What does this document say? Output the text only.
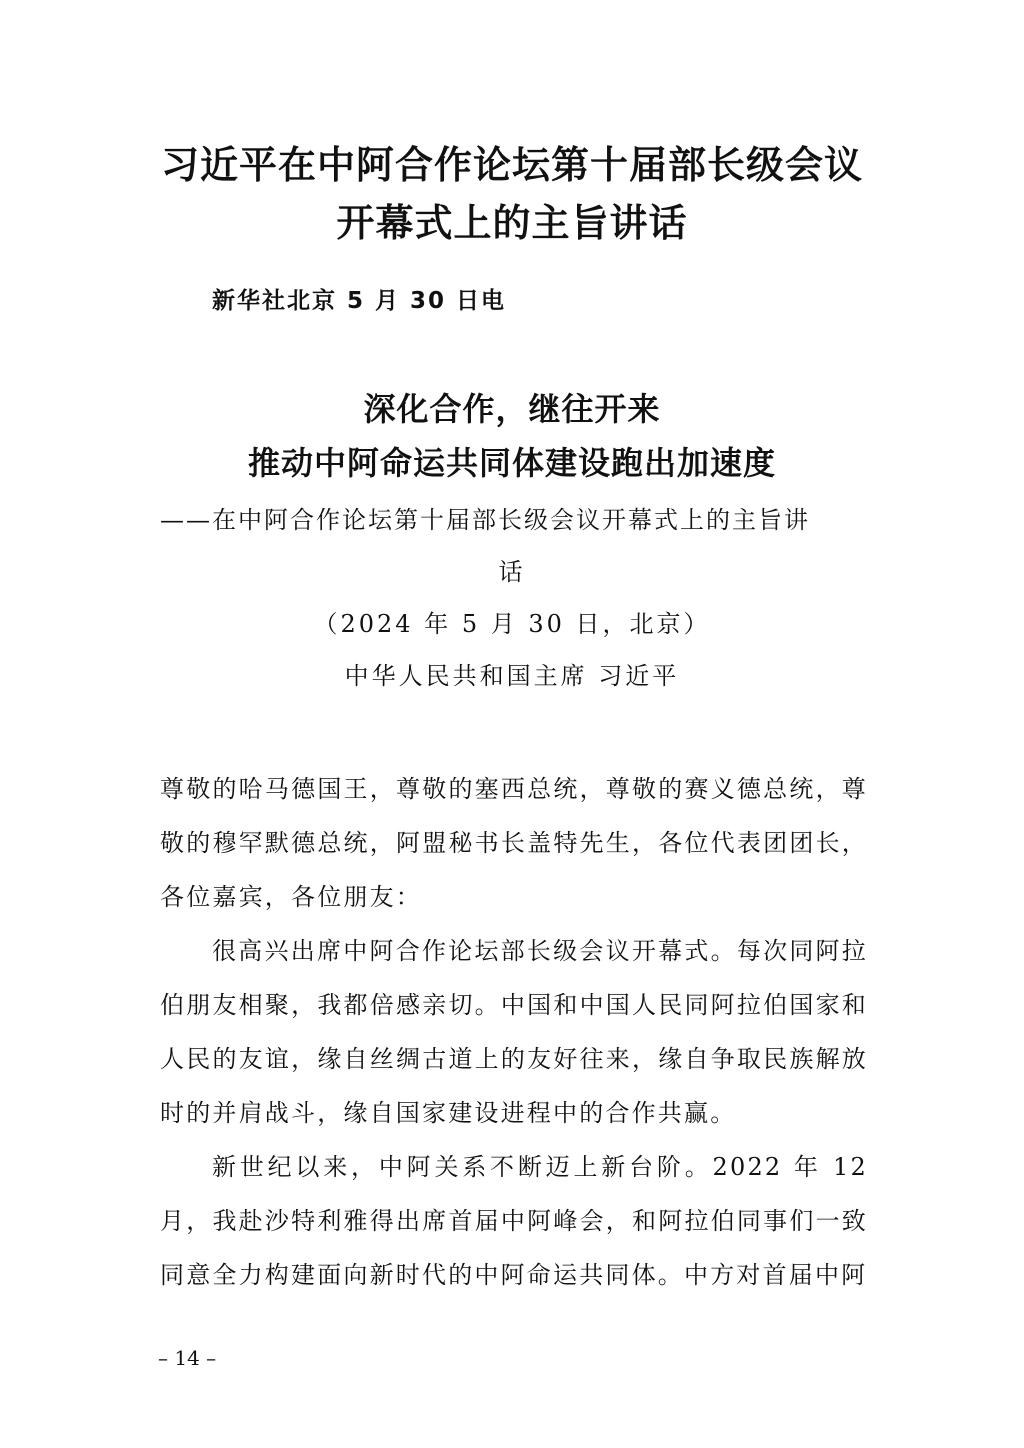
习近平在中阿合作论坛第十届部长级会议
开幕式上的主旨讲话
新华社北京 5 月 30 日电
深化合作，继往开来
推动中阿命运共同体建设跑出加速度
——在中阿合作论坛第十届部长级会议开幕式上的主旨讲
话
（2024 年 5 月 30 日，北京）
中华人民共和国主席 习近平

尊敬的哈马德国王，尊敬的塞西总统，尊敬的赛义德总统，尊敬的穆罕默德总统，阿盟秘书长盖特先生，各位代表团团长，各位嘉宾，各位朋友：

很高兴出席中阿合作论坛部长级会议开幕式。每次同阿拉伯朋友相聚，我都倍感亲切。中国和中国人民同阿拉伯国家和人民的友谊，缘自丝绸古道上的友好往来，缘自争取民族解放时的并肩战斗，缘自国家建设进程中的合作共赢。

新世纪以来，中阿关系不断迈上新台阶。2022 年 12 月，我赴沙特利雅得出席首届中阿峰会，和阿拉伯同事们一致同意全力构建面向新时代的中阿命运共同体。中方对首届中阿

– 14 –
